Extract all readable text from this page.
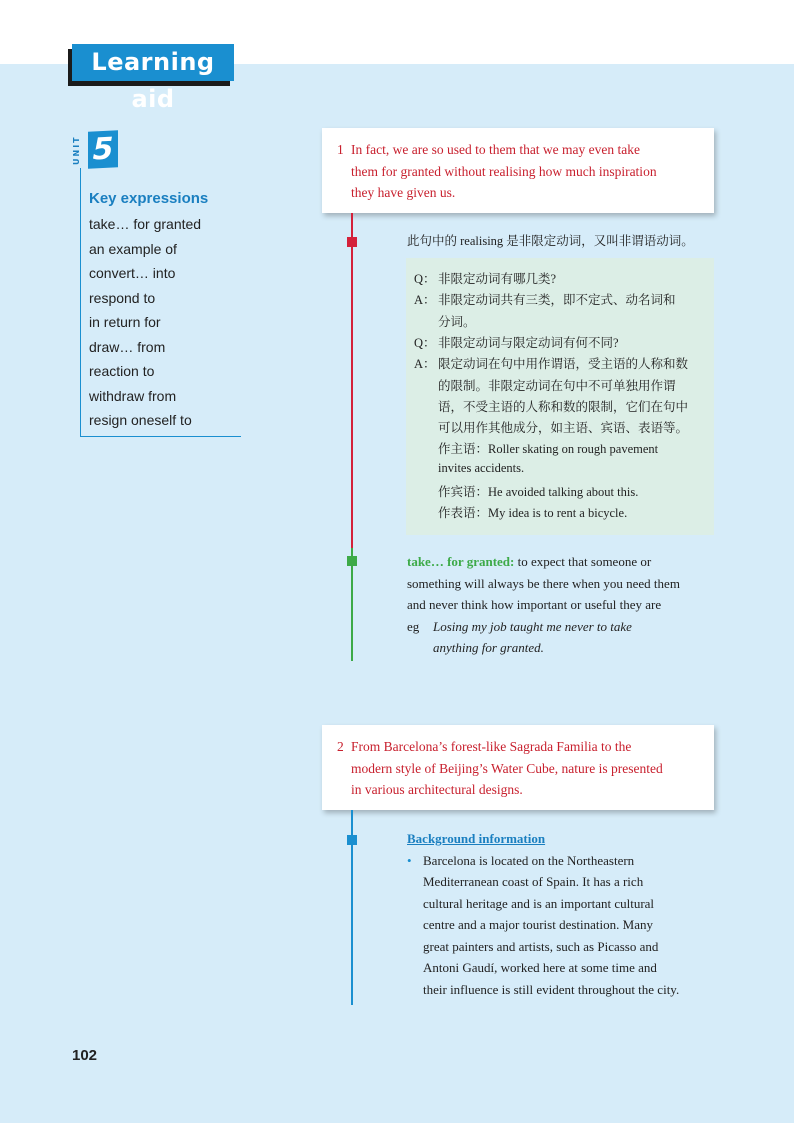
Learning aid
UNIT 5
Key expressions
1 In fact, we are so used to them that we may even take
them for granted without realising how much inspiration
they have given us.
此句中的 realising 是非限定动词，又叫非谓语动词。
Q： 非限定动词有哪几类?
A： 非限定动词共有三类，即不定式、动名词和
分词。
Q： 非限定动词与限定动词有何不同?
A： 限定动词在句中用作谓语，受主语的人称和数
的限制。非限定动词在句中不可单独用作谓
语，不受主语的人称和数的限制，它们在句中
可以用作其他成分，如主语、宾语、表语等。
作主语：Roller skating on rough pavement
invites accidents.
作宾语：He avoided talking about this.
作表语：My idea is to rent a bicycle.
take… for granted: to expect that someone or
something will always be there when you need them
and never think how important or useful they are
eg Losing my job taught me never to take
anything for granted.
2 From Barcelona’s forest-like Sagrada Familia to the
modern style of Beijing’s Water Cube, nature is presented
in various architectural designs.
Background information
• Barcelona is located on the Northeastern
Mediterranean coast of Spain. It has a rich
cultural heritage and is an important cultural
centre and a major tourist destination. Many
great painters and artists, such as Picasso and
Antoni Gaudí, worked here at some time and
their influence is still evident throughout the city.
102
take… for granted
an example of
convert… into
respond to
in return for
draw… from
reaction to
withdraw from
resign oneself to
